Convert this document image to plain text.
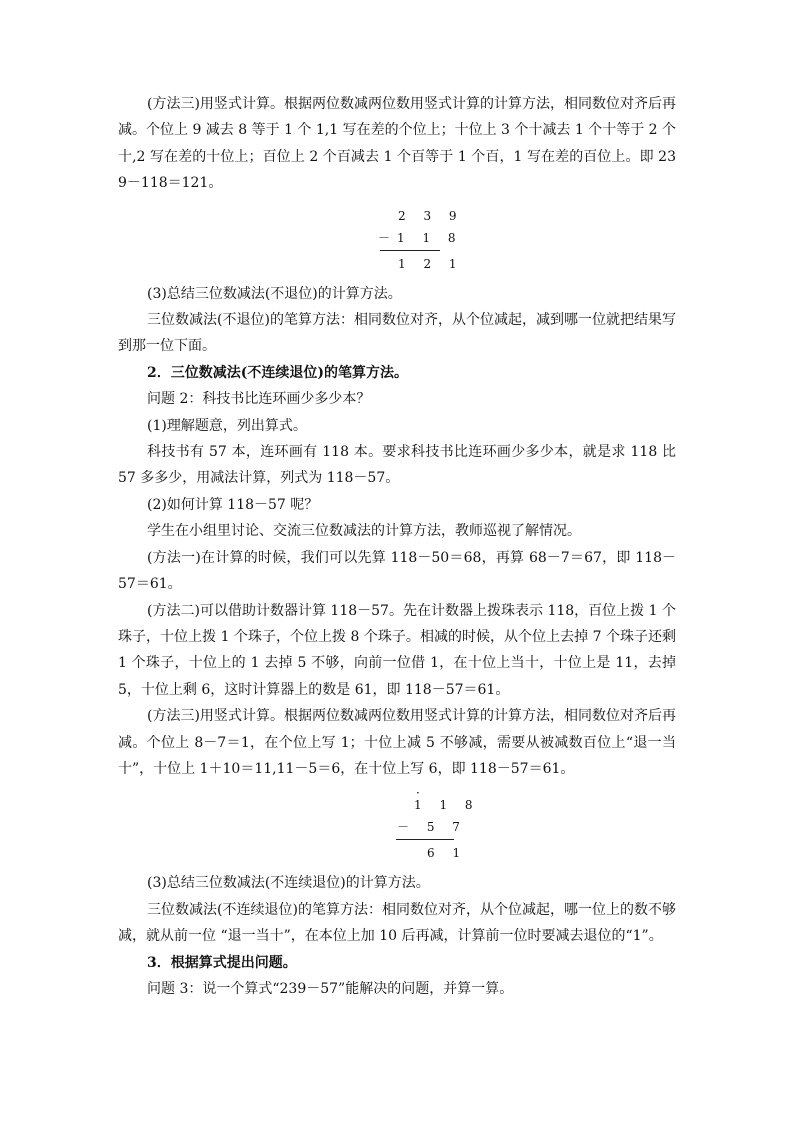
(方法三)用竖式计算。根据两位数减两位数用竖式计算的计算方法，相同数位对齐后再减。个位上 9 减去 8 等于 1 个 1,1 写在差的个位上；十位上 3 个十减去 1 个十等于 2 个十,2 写在差的十位上；百位上 2 个百减去 1 个百等于 1 个百，1 写在差的百位上。即 239－118＝121。

2 3 9
－1 1 8
1 2 1

(3)总结三位数减法(不退位)的计算方法。

三位数减法(不退位)的笔算方法：相同数位对齐，从个位减起，减到哪一位就把结果写到那一位下面。

2．三位数减法(不连续退位)的笔算方法。

问题 2：科技书比连环画少多少本？

(1)理解题意，列出算式。

科技书有 57 本，连环画有 118 本。要求科技书比连环画少多少本，就是求 118 比 57 多多少，用减法计算，列式为 118－57。

(2)如何计算 118－57 呢？

学生在小组里讨论、交流三位数减法的计算方法，教师巡视了解情况。

(方法一)在计算的时候，我们可以先算 118－50＝68，再算 68－7＝67，即 118－57＝61。

(方法二)可以借助计数器计算 118－57。先在计数器上拨珠表示 118，百位上拨 1 个珠子，十位上拨 1 个珠子，个位上拨 8 个珠子。相减的时候，从个位上去掉 7 个珠子还剩 1 个珠子，十位上的 1 去掉 5 不够，向前一位借 1，在十位上当十，十位上是 11，去掉 5，十位上剩 6，这时计算器上的数是 61，即 118－57＝61。

(方法三)用竖式计算。根据两位数减两位数用竖式计算的计算方法，相同数位对齐后再减。个位上 8－7＝1，在个位上写 1；十位上减 5 不够减，需要从被减数百位上“退一当十”，十位上 1＋10＝11,11－5＝6，在十位上写 6，即 118－57＝61。

·
1 1 8
－ 5 7
6 1

(3)总结三位数减法(不连续退位)的计算方法。

三位数减法(不连续退位)的笔算方法：相同数位对齐，从个位减起，哪一位上的数不够减，就从前一位 “退一当十”，在本位上加 10 后再减，计算前一位时要减去退位的“1”。

3．根据算式提出问题。

问题 3：说一个算式“239－57”能解决的问题，并算一算。
